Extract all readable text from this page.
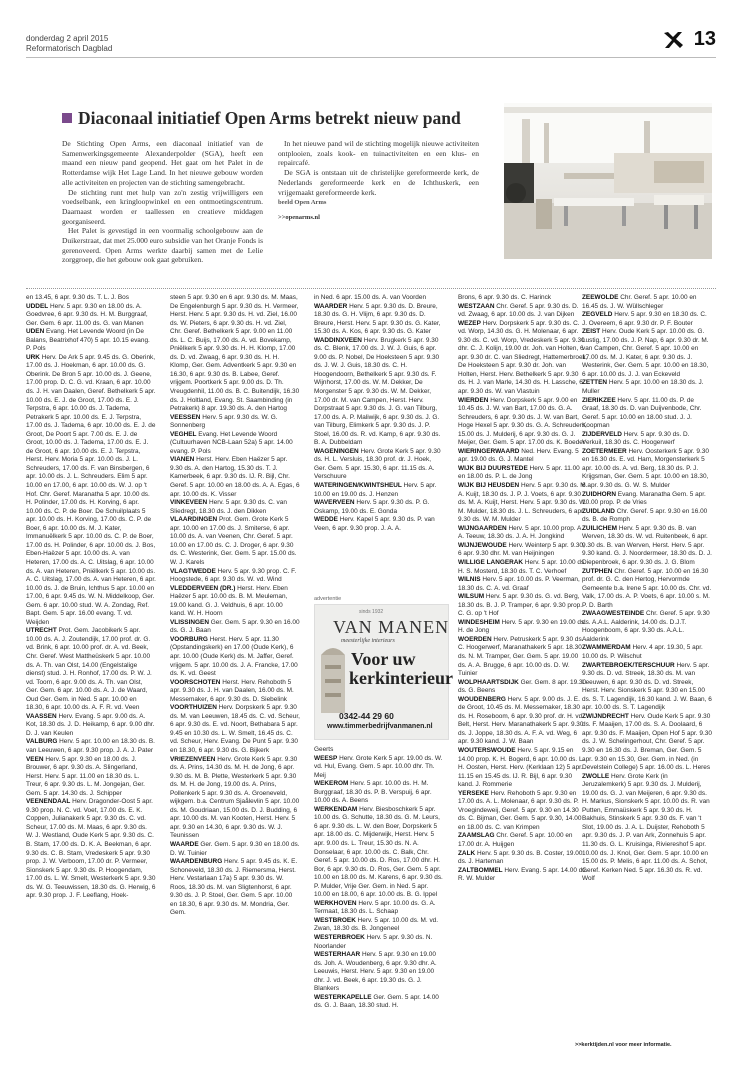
donderdag 2 april 2015
Reformatorisch Dagblad	13
Diaconaal initiatief Open Arms betrekt nieuw pand

De Stichting Open Arms, een diaconaal initiatief van de Samenwerkingsgemeente Alexanderpolder (SGA), heeft een maand een nieuw pand geopend. Het gaat om het Palet in de Rotterdamse wijk Het Lage Land. In het nieuwe gebouw worden alle activiteiten en projecten van de stichting samengebracht.

De stichting runt met hulp van zo'n zestig vrijwilligers een voedselbank, een kringloopwinkel en een ontmoetingscentrum. Daarnaast worden er taallessen en creatieve middagen georganiseerd.

Het Palet is gevestigd in een voormalig schoolgebouw aan de Duikerstraat, dat met 25.000 euro subsidie van het Oranje Fonds is gerenoveerd. Open Arms werkte daarbij samen met de Lelie zorggroep, die het gebouw ook gaat gebruiken.

In het nieuwe pand wil de stichting mogelijk nieuwe activiteiten ontplooien, zoals kook- en tuinactiviteiten en een klus- en repaircafé.

De SGA is ontstaan uit de christelijke gereformeerde kerk, de Nederlands gereformeerde kerk en de Ichthuskerk, een vrijgemaakt gereformeerde kerk.

beeld Open Arms
>>openarms.nl
en 13.45, 6 apr. 9.30 ds. T. L. J. Bos
UDDEL Herv. 5 apr. 9.30 en 18.00 ds. A. Goedvree, 6 apr. 9.30 ds. H. M. Burggraaf, Ger. Gem. 6 apr. 11.00 ds. G. van Manen
UDEN Evang. Het Levende Woord (in De Balans, Beatrixhof 470) 5 apr. 10.15 evang. P. Pols
URK Herv. De Ark 5 apr. 9.45 ds. G. Oberink, 17.00 ds. J. Hoekman, 6 apr. 10.00 ds. G. Oberink. De Bron 5 apr. 10.00 ds. J. Geene, 17.00 prop. D. C. G. vd. Kraan, 6 apr. 10.00 ds. J. H. van Daalen, Geref. Bethelkerk 5 apr. 10.00 ds. E. J. de Groot, 17.00 ds. E. J. Terpstra, 6 apr. 10.00 ds. J. Tadema, Petrakerk 5 apr. 10.00 ds. E. J. Terpstra, 17.00 ds. J. Tadema, 6 apr. 10.00 ds. E. J. de Groot, De Poort 5 apr. 7.00 ds. E. J. de Groot, 10.00 ds. J. Tadema, 17.00 ds. E. J. de Groot, 6 apr. 10.00 ds. E. J. Terpstra, Herst. Herv. Moria 5 apr. 10.00 ds. J. L. Schreuders, 17.00 ds. F. van Binsbergen, 6 apr. 10.00 ds. J. L. Schreuders. Elim 5 apr. 10.00 en 17.00, 6 apr. 10.00 ds. W. J. op 't Hof. Chr. Geref. Maranatha 5 apr. 10.00 ds. H. Polinder, 17.00 ds. H. Korving, 6 apr. 10.00 ds. C. P. de Boer. De Schuilplaats 5 apr. 10.00 ds. H. Korving, 17.00 ds. C. P. de Boer, 6 apr. 10.00 ds. M. J. Kater, Immanuëlkerk 5 apr. 10.00 ds. C. P. de Boer, 17.00 ds. H. Polinder, 6 apr. 10.00 ds. J. Bos, Eben-Haëzer 5 apr. 10.00 ds. A. van Heteren, 17.00 ds. A. C. Uitslag, 6 apr. 10.00 ds. A. van Heteren, Pniëlkerk 5 apr. 10.00 ds. A. C. Uitslag, 17.00 ds. A. van Heteren, 6 apr. 10.00 ds. J. de Bruin, Ichthus 5 apr. 10.00 en 17.00, 6 apr. 9.45 ds. W. N. Middelkoop, Ger. Gem. 6 apr. 10.00 stud. W. A. Zondag, Ref. Bapt. Gem. 5 apr. 16.00 evang. T. vd. Weijden
UTRECHT Prot. Gem. Jacobikerk 5 apr. 10.00 ds. A. J. Zoutendijk, 17.00 prof. dr. G. vd. Brink, 6 apr. 10.00 prof. dr. A. vd. Beek, Chr. Geref. West Mattheüskerk 5 apr. 10.00 ds. A. Th. van Olst, 14.00 (Engelstalige dienst) stud. J. H. Ronhof, 17.00 ds. P. W. J. vd. Toorn, 6 apr. 9.00 ds. A. Th. van Olst, Ger. Gem. 6 apr. 10.00 ds. A. J. de Waard, Oud Ger. Gem. in Ned. 5 apr. 10.00 en 18.30, 6 apr. 10.00 ds. A. F. R. vd. Veen
VAASSEN Herv. Evang. 5 apr. 9.00 ds. A. Kot, 18.30 ds. J. D. Heikamp, 6 apr. 9.00 dhr. D. J. van Keulen
VALBURG Herv. 5 apr. 10.00 en 18.30 ds. B. van Leeuwen, 6 apr. 9.30 prop. J. A. J. Pater
VEEN Herv. 5 apr. 9.30 en 18.00 ds. J. Brouwer, 6 apr. 9.30 ds. A. Slingerland, Herst. Herv. 5 apr. 11.00 en 18.30 ds. L. Treur, 6 apr. 9.30 ds. L. M. Jongejan, Ger. Gem. 5 apr. 14.30 ds. J. Schipper
VEENENDAAL Herv. Dragonder-Oost 5 apr. 9.30 prop. N. C. vd. Voet, 17.00 ds. E. K. Coppen, Julianakerk 5 apr. 9.30 ds. C. vd. Scheur, 17.00 ds. M. Maas, 6 apr. 9.30 ds. W. J. Westland, Oude Kerk 5 apr. 9.30 ds. C. B. Stam, 17.00 ds. D. K. A. Beekman, 6 apr. 9.30 ds. C. B. Stam, Vredeskerk 5 apr. 9.30 prop. J. W. Verboom, 17.00 dr. P. Vermeer, Sionskerk 5 apr. 9.30 ds. P. Hoogendam, 17.00 ds. L. W. Smelt, Westerkerk 5 apr. 9.30 ds. W. G. Teeuwissen, 18.30 ds. G. Herwig, 6 apr. 9.30 prop. J. F. Leeflang, Hoek-
steen 5 apr. 9.30 en 6 apr. 9.30 ds. M. Maas, De Engelenburgh 5 apr. 9.30 ds. H. Vermeer, Herst. Herv. 5 apr. 9.30 ds. H. vd. Ziel, 16.00 ds. W. Pieters, 6 apr. 9.30 ds. H. vd. Ziel, Chr. Geref. Bethelkerk 5 apr. 9.00 en 11.00 ds. L. C. Buijs, 17.00 ds. A. vd. Bovekamp, Pniëlkerk 5 apr. 9.30 ds. H. H. Klomp, 17.00 ds. D. vd. Zwaag, 6 apr. 9.30 ds. H. H. Klomp, Ger. Gem. Adventkerk 5 apr. 9.30 en 16.30, 6 apr. 9.30 ds. B. Labee, Geref. vrijgem. Poortkerk 5 apr. 9.00 ds. D. Th. Vreugdenhil, 11.00 ds. B. C. Buitendijk, 16.30 ds. J. Holtland, Evang. St. Saambinding (in Petrakerk) 8 apr. 19.30 ds. A. den Hartog
VEESSEN Herv. 5 apr. 9.30 ds. W. G. Sonnenberg
VEGHEL Evang. Het Levende Woord (Cultuurhaven NCB-Laan 52a) 5 apr. 14.00 evang. P. Pols
VIANEN Herst. Herv. Eben Haëzer 5 apr. 9.30 ds. A. den Hartog, 15.30 ds. T. J. Kamerbeek, 6 apr. 9.30 ds. IJ. R. Bijl, Chr. Geref. 5 apr. 10.00 en 18.00 ds. A. A. Egas, 6 apr. 10.00 ds. K. Visser
VINKEVEEN Herv. 5 apr. 9.30 ds. C. van Sliedregt, 18.30 ds. J. den Dikken
VLAARDINGEN Prot. Gem. Grote Kerk 5 apr. 10.00 en 17.00 ds. J. Smiterse, 6 apr. 10.00 ds. A. van Veenen, Chr. Geref. 5 apr. 10.00 en 17.00 ds. C. J. Droger, 6 apr. 9.30 ds. C. Westerink, Ger. Gem. 5 apr. 15.00 ds. W. J. Karels
VLAGTWEDDE Herv. 5 apr. 9.30 prop. C. F. Hoogstede, 6 apr. 9.30 ds. W. vd. Wind
VLEDDERVEEN (DR.) Herst. Herv. Eben Haëzer 5 apr. 10.00 ds. B. M. Meuleman, 19.00 kand. G. J. Veldhuis, 6 apr. 10.00 kand. W. H. Hoorn
VLISSINGEN Ger. Gem. 5 apr. 9.30 en 16.00 ds. G. J. Baan
VOORBURG Herst. Herv. 5 apr. 11.30 (Opstandingskerk) en 17.00 (Oude Kerk), 6 apr. 10.00 (Oude Kerk) ds. M. Jaffer, Geref. vrijgem. 5 apr. 10.00 ds. J. A. Francke, 17.00 ds. K. vd. Geest
VOORSCHOTEN Herst. Herv. Rehoboth 5 apr. 9.30 ds. J. H. van Daalen, 16.00 ds. M. Messemaker, 6 apr. 9.30 ds. D. Siebelink
VOORTHUIZEN Herv. Dorpskerk 5 apr. 9.30 ds. M. van Leeuwen, 18.45 ds. C. vd. Scheur, 6 apr. 9.30 ds. E. vd. Noort, Bethabara 5 apr. 9.45 en 10.30 ds. L. W. Smelt, 16.45 ds. C. vd. Scheur, Herv. Evang. De Punt 5 apr. 9.30 en 18.30, 6 apr. 9.30 ds. G. Bijkerk
VRIEZENVEEN Herv. Grote Kerk 5 apr. 9.30 ds. A. Prins, 14.30 ds. M. H. de Jong, 6 apr. 9.30 ds. M. B. Plette, Westerkerk 5 apr. 9.30 ds. M. H. de Jong, 19.00 ds. A. Prins, Pollenkerk 5 apr. 9.30 ds. A. Groeneveld, wijkgem. b.a. Centrum Sjaålevlin 5 apr. 10.00 ds. M. Goudriaan, 15.00 ds. D. J. Budding, 6 apr. 10.00 ds. M. van Kooten, Herst. Herv. 5 apr. 9.30 en 14.30, 6 apr. 9.30 ds. W. J. Teunissen
WAARDE Ger. Gem. 5 apr. 9.30 en 18.00 ds. D. W. Tuinier
WAARDENBURG Herv. 5 apr. 9.45 ds. K. E. Schoneveld, 18.30 ds. J. Riemersma, Herst. Herv. Vestarlaan 17a) 5 apr. 9.30 ds. W. Roos, 18.30 ds. M. van Sligtenhorst, 6 apr. 9.30 ds. J. P. Stoel, Ger. Gem. 5 apr. 10.00 en 18.30, 6 apr. 9.30 ds. M. Mondria, Ger. Gem.
in Ned. 6 apr. 15.00 ds. A. van Voorden
WAARDER Herv. 5 apr. 9.30 ds. D. Breure, 18.30 ds. G. H. Vlijm, 6 apr. 9.30 ds. D. Breure, Herst. Herv. 5 apr. 9.30 ds. G. Kater, 15.30 ds. A. Kos, 6 apr. 9.30 ds. G. Kater
WADDINXVEEN Herv. Brugkerk 5 apr. 9.30 ds. C. Blenk, 17.00 ds. J. W. J. Guis, 6 apr. 9.00 ds. P. Nobel, De Hoeksteen 5 apr. 9.30 ds. J. W. J. Guis, 18.30 ds. C. H. Hoogendoorn, Bethelkerk 5 apr. 9.30 ds. F. Wijnhorst, 17.00 ds. W. M. Dekker, De Morgenster 5 apr. 9.30 ds. W. M. Dekker, 17.00 dr. M. van Campen, Herst. Herv. Dorpstraat 5 apr. 9.30 ds. J. G. van Tilburg, 17.00 ds. A. P. Maliwijk, 6 apr. 9.30 ds. J. G. van Tilburg, Elimkerk 5 apr. 9.30 ds. J. P. Stoel, 16.00 ds. R. vd. Kamp, 6 apr. 9.30 ds. B. A. Dubbeldam
WAGENINGEN Herv. Grote Kerk 5 apr. 9.30 ds. H. L. Versluis, 18.30 prof. dr. J. Hoek, Ger. Gem. 5 apr. 15.30, 6 apr. 11.15 ds. A. Verschuure
WATERINGEN/KWINTSHEUL Herv. 5 apr. 10.00 en 19.00 ds. J. Henzen
WAVERVEEN Herv. 5 apr. 9.30 ds. P. G. Oskamp, 19.00 ds. E. Gonda
WEDDE Herv. Kapel 5 apr. 9.30 ds. P. van Veen, 6 apr. 9.30 prop. J. A. A.
Geerts
WEESP Herv. Grote Kerk 5 apr. 19.00 ds. W. vd. Hul, Evang. Gem. 5 apr. 10.00 dhr. Th. Meij
WEKEROM Herv. 5 apr. 10.00 ds. H. M. Burggraaf, 18.30 ds. P. B. Verspuij, 6 apr. 10.00 ds. A. Beens
WERKENDAM Herv. Biesboschkerk 5 apr. 10.00 ds. G. Schutte, 18.30 ds. G. M. Leurs, 6 apr. 9.30 ds. L. W. den Boer, Dorpskerk 5 apr. 18.00 ds. C. Mijderwijk, Herst. Herv. 5 apr. 9.00 ds. L. Treur, 15.30 ds. N. A. Donselaar, 6 apr. 10.00 ds. C. Balk, Chr. Geref. 5 apr. 10.00 ds. D. Ros, 17.00 dhr. H. Bor, 6 apr. 9.30 ds. D. Ros, Ger. Gem. 5 apr. 10.00 en 18.00 ds. M. Karens, 6 apr. 9.30 ds. P. Mulder, Vrije Ger. Gem. in Ned. 5 apr. 10.00 en 18.00, 6 apr. 10.00 ds. B. G. Ippel
WERKHOVEN Herv. 5 apr. 10.00 ds. G. A. Termaat, 18.30 ds. L. Schaap
WESTBROEK Herv. 5 apr. 10.00 ds. M. vd. Zwan, 18.30 ds. B. Jongeneel
WESTERBROEK Herv. 5 apr. 9.30 ds. N. Noorlander
WESTERHAAR Herv. 5 apr. 9.30 en 19.00 ds. Joh. A. Woudenberg, 6 apr. 9.30 dhr. A. Leeuwis, Herst. Herv. 5 apr. 9.30 en 19.00 dhr. J. vd. Beek, 6 apr. 19.30 ds. G. J. Blankers
WESTERKAPELLE Ger. Gem. 5 apr. 14.00 ds. G. J. Baan, 18.30 stud. H.
Brons, 6 apr. 9.30 ds. C. Harinck
WESTZAAN Chr. Geref. 5 apr. 9.30 ds. D. vd. Zwaag, 6 apr. 10.00 ds. J. van Dijken
WEZEP Herv. Dorpskerk 5 apr. 9.30 ds. C. vd. Worp, 14.30 ds. G. H. Molenaar, 6 apr. 9.30 ds. C. vd. Worp, Vredeskerk 5 apr. 9.30 dhr. C. J. Kolijn, 19.00 dr. Joh. van Holten, 6 apr. 9.30 dr. C. van Sliedregt, Hattemerbroek, De Hoeksteen 5 apr. 9.30 dr. Joh. van Holten, Herst. Herv. Bethelkerk 5 apr. 9.30 ds. H. J. van Marle, 14.30 ds. H. Lassche, 6 apr. 9.30 ds. W. van Vlastuin
WIERDEN Herv. Dorpskerk 5 apr. 9.00 en 10.45 ds. J. W. van Bart, 17.00 ds. G. A. Schreuders, 6 apr. 9.30 ds. J. W. van Bart, Hoge Hexel 5 apr. 9.30 ds. G. A. Schreuders, 15.00 ds. J. Mulderij, 6 apr. 9.30 ds. G. J. Meijer, Ger. Gem. 5 apr. 17.00 ds. K. Boeder
WIERINGERWAARD Ned. Herv. Evang. 5 apr. 19.00 ds. G. J. Mantel
WIJK BIJ DUURSTEDE Herv. 5 apr. 11.00 en 18.00 ds. P. L. de Jong
WIJK BIJ HEUSDEN Herv. 5 apr. 9.30 ds. M. A. Kuijt, 18.30 ds. J. P. J. Voets, 6 apr. 9.30 ds. M. A. Kuijt, Herst. Herv. 5 apr. 9.30 ds. W. M. Mulder, 18.30 ds. J. L. Schreuders, 6 apr. 9.30 ds. W. M. Mulder
WIJNGAARDEN Herv. 5 apr. 10.00 prop. A. A. Teeuw, 18.30 ds. J. A. H. Jongkind
WIJNJEWOUDE Herv. Weinterp 5 apr. 9.30, 6 apr. 9.30 dhr. M. van Heijningen
WILLIGE LANGERAK Herv. 5 apr. 10.00 ds. H. S. Mosterd, 18.30 ds. T. C. Verhoef
WILNIS Herv. 5 apr. 10.00 ds. P. Veerman, 18.30 ds. C. A. vd. Graaf
WILSUM Herv. 5 apr. 9.30 ds. G. vd. Berg, 18.30 ds. B. J. P. Tramper, 6 apr. 9.30 prop. C. G. op 't Hof
WINDESHEIM Herv. 5 apr. 9.30 en 19.00 ds. H. de Jong
WOERDEN Herv. Petruskerk 5 apr. 9.30 ds. C. Hoogerwerf, Maranathakerk 5 apr. 18.30 ds. N. M. Tramper, Ger. Gem. 5 apr. 19.00 ds. A. A. Brugge, 6 apr. 10.00 ds. D. W. Tuinier
WOLPHAARTSDIJK Ger. Gem. 8 apr. 19.30 ds. G. Beens
WOUDENBERG Herv. 5 apr. 9.00 ds. J. E. de Groot, 10.45 ds. M. Messemaker, 18.30 ds. H. Roseboom, 6 apr. 9.30 prof. dr. H. vd. Belt, Herst. Herv. Maranathakerk 5 apr. 9.30 ds. J. Joppe, 18.30 ds. A. F. A. vd. Weg, 6 apr. 9.30 kand. J. W. Baan
WOUTERSWOUDE Herv. 5 apr. 9.15 en 14.00 prop. K. H. Bogerd, 6 apr. 10.00 ds. L. H. Oosten, Herst. Herv. (Kerklaan 12) 5 apr. 11.15 en 15.45 ds. IJ. R. Bijl, 6 apr. 9.30 kand. J. Rommerie
YERSEKE Herv. Rehoboth 5 apr. 9.30 en 17.00 ds. A. L. Molenaar, 6 apr. 9.30 ds. P. Vroegindeweij, Geref. 5 apr. 9.30 en 14.30 ds. C. Bijman, Ger. Gem. 5 apr. 9.30, 14.00 en 18.00 ds. C. van Krimpen
ZAAMSLAG Chr. Geref. 5 apr. 10.00 en 17.00 dr. A. Huijgen
ZALK Herv. 5 apr. 9.30 ds. B. Coster, 19.00 ds. J. Harteman
ZALTBOMMEL Herv. Evang. 5 apr. 14.00 ds. R. W. Mulder
ZEEWOLDE Chr. Geref. 5 apr. 10.00 en 16.45 ds. J. W. Wüllschleger
ZEGVELD Herv. 5 apr. 9.30 en 18.30 ds. C. J. Overeem, 6 apr. 9.30 dr. P. F. Bouter
ZEIST Herv. Oude Kerk 5 apr. 10.00 ds. G. Lustig, 17.00 ds. J. P. Nap, 6 apr. 9.30 dr. M. van Campen, Chr. Geref. 5 apr. 10.00 en 17.00 ds. M. J. Kater, 6 apr. 9.30 ds. J. Westerink, Ger. Gem. 5 apr. 10.00 en 18.30, 6 apr. 10.00 ds. J. J. van Eckeveld
ZETTEN Herv. 5 apr. 10.00 en 18.30 ds. J. Muller
ZIERIKZEE Herv. 5 apr. 11.00 ds. P. de Graaf, 18.30 ds. D. van Duijvenbode, Chr. Geref. 5 apr. 10.00 en 18.00 stud. J. J. Koopman
ZIJDERVELD Herv. 5 apr. 9.30 ds. D. Verkuil, 18.30 ds. C. Hoogerwerf
ZOETERMEER Herv. Oosterkerk 5 apr. 9.30 en 16.30 ds. E. vd. Ham, Morgensterkerk 5 apr. 10.00 ds. A. vd. Berg, 18.30 ds. P. J. Krijgsman, Ger. Gem. 5 apr. 10.00 en 18.30, 6 apr. 9.30 ds. G. W. S. Mulder
ZUIDHORN Evang. Maranatha Gem. 5 apr. 10.00 prop. P. de Vries
ZUIDLAND Chr. Geref. 5 apr. 9.30 en 16.00 ds. B. de Romph
ZUILICHEM Herv. 5 apr. 9.30 ds. B. van Werven, 18.30 ds. W. vd. Ruitenbeek, 6 apr. 9.30 ds. B. van Werven, Herst. Herv. 5 apr. 9.30 kand. G. J. Noordermeer, 18.30 ds. D. J. Diepenbroek, 6 apr. 9.30 ds. J. G. Blom
ZUTPHEN Chr. Geref. 5 apr. 10.00 en 16.30 prof. dr. G. C. den Hertog, Hervormde Gemeente b.a. Irene 5 apr. 10.00 ds. Chr. vd. Valk, 17.00 ds. A. P. Voets, 6 apr. 10.00 s. M. P. D. Barth
ZWAAGWESTEINDE Chr. Geref. 5 apr. 9.30 ds. A.A.L. Aalderink, 14.00 ds. D.J.T. Hoogenboom, 6 apr. 9.30 ds. A.A.L. Aalderink
ZWAMMERDAM Herv. 4 apr. 19.30, 5 apr. 10.00 ds. P. Wilschut
ZWARTEBROEK/TERSCHUUR Herv. 5 apr. 9.30 ds. D. vd. Streek, 18.30 ds. M. van Leeuwen, 6 apr. 9.30 ds. D. vd. Streek, Herst. Herv. Sionskerk 5 apr. 9.30 en 15.00 ds. S. T. Lagendijk, 16.30 kand. J. W. Baan, 6 apr. 10.00 ds. S. T. Lagendijk
ZWIJNDRECHT Herv. Oude Kerk 5 apr. 9.30 ds. F. Maaijen, 17.00 ds. S. A. Doolaard, 6 apr. 9.30 ds. F. Maaijen, Open Hof 5 apr. 9.30 ds. J. W. Schelingerhout, Chr. Geref. 5 apr. 9.30 en 16.30 ds. J. Breman, Ger. Gem. 5 apr. 9.30 en 15.30, Ger. Gem. in Ned. (in Develstein College) 5 apr. 16.00 ds. L. Heres
ZWOLLE Herv. Grote Kerk (in Jeruzalemkerk) 5 apr. 9.30 ds. J. Mulderij, 19.00 ds. G. J. van Meijeren, 6 apr. 9.30 ds. H. Markus, Sionskerk 5 apr. 10.00 ds. R. van Putten, Emmaüskerk 5 apr. 9.30 ds. H. Bakhuis, Stinskerk 5 apr. 9.30 ds. F. van 't Slot, 19.00 ds. J. A. L. Duijster, Rehoboth 5 apr. 9.30 ds. J. P. van Ark, Zonnehuis 5 apr. 11.30 ds. G. L. Kruisinga, Riviereshof 5 apr. 10.00 ds. J. Knol, Ger. Gem. 5 apr. 10.00 en 15.00 ds. P. Melis, 6 apr. 11.00 ds. A. Schot, Geref. Kerken Ned. 5 apr. 16.30 ds. R. vd. Wolf
advertentie
sinds 1932
VAN MANEN
meesterlijke interieurs
Voor uw
kerkinterieur
0342-44 29 60
www.timmerbedrijfvanmanen.nl
>>kerktijden.nl voor meer informatie.
